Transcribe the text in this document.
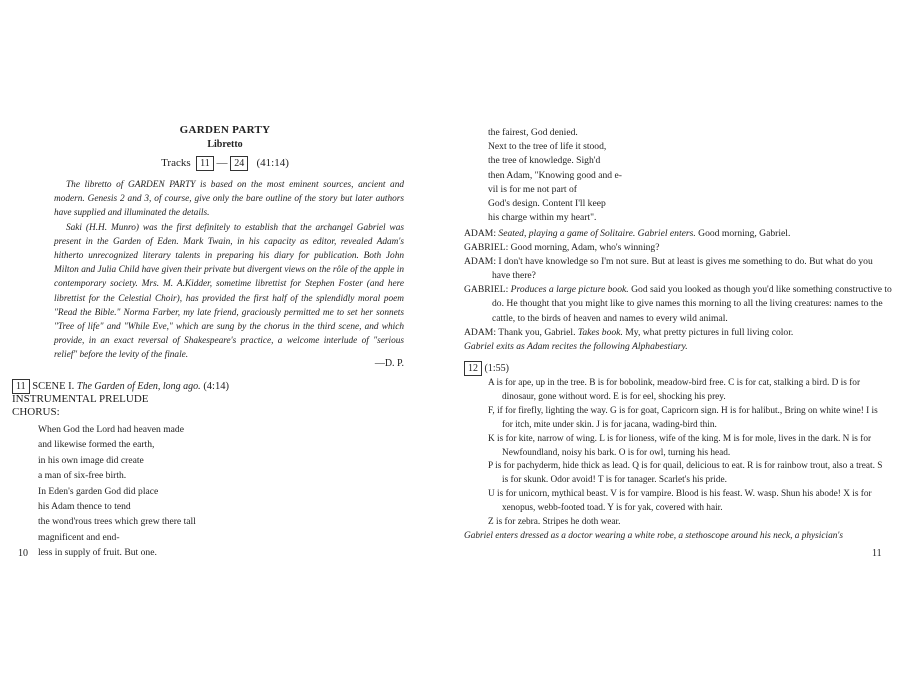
GARDEN PARTY
Libretto
Tracks 11 — 24 (41:14)

The libretto of GARDEN PARTY is based on the most eminent sources, ancient and modern. Genesis 2 and 3, of course, give only the bare outline of the story but later authors have supplied and illuminated the details.

Saki (H.H. Munro) was the first definitely to establish that the archangel Gabriel was present in the Garden of Eden. Mark Twain, in his capacity as editor, revealed Adam's hitherto unrecognized literary talents in preparing his diary for publication. Both John Milton and Julia Child have given their private but divergent views on the rôle of the apple in contemporary society. Mrs. M. A.Kidder, sometime librettist for Stephen Foster (and here librettist for the Celestial Choir), has provided the first half of the splendidly moral poem "Read the Bible." Norma Farber, my late friend, graciously permitted me to set her sonnets "Tree of life" and "While Eve," which are sung by the chorus in the third scene, and which provide, in an exact reversal of Shakespeare's practice, a welcome interlude of "serious relief" before the levity of the finale.

—D. P.
11 SCENE I. The Garden of Eden, long ago. (4:14)
INSTRUMENTAL PRELUDE
CHORUS:
When God the Lord had heaven made
and likewise formed the earth,
in his own image did create
a man of six-free birth.
In Eden's garden God did place
his Adam thence to tend
the wond'rous trees which grew there tall
magnificent and end-
less in supply of fruit. But one.
10
the fairest, God denied.
Next to the tree of life it stood,
the tree of knowledge. Sigh'd
then Adam, "Knowing good and e-
vil is for me not part of
God's design. Content I'll keep
his charge within my heart".

ADAM: Seated, playing a game of Solitaire. Gabriel enters. Good morning, Gabriel.

GABRIEL: Good morning, Adam, who's winning?

ADAM: I don't have knowledge so I'm not sure. But at least is gives me something to do. But what do you have there?

GABRIEL: Produces a large picture book. God said you looked as though you'd like something constructive to do. He thought that you might like to give names this morning to all the living creatures: names to the cattle, to the birds of heaven and names to every wild animal.

ADAM: Thank you, Gabriel. Takes book. My, what pretty pictures in full living color.

Gabriel exits as Adam recites the following Alphabestiary.

12 (1:55)

A is for ape, up in the tree. B is for bobolink, meadow-bird free. C is for cat, stalking a bird. D is for dinosaur, gone without word. E is for eel, shocking his prey.

F, if for firefly, lighting the way. G is for goat, Capricorn sign. H is for halibut., Bring on white wine! I is for itch, mite under skin. J is for jacana, wading-bird thin.

K is for kite, narrow of wing. L is for lioness, wife of the king. M is for mole, lives in the dark. N is for Newfoundland, noisy his bark. O is for owl, turning his head.

P is for pachyderm, hide thick as lead. Q is for quail, delicious to eat. R is for rainbow trout, also a treat. S is for skunk. Odor avoid! T is for tanager. Scarlet's his pride.

U is for unicorn, mythical beast. V is for vampire. Blood is his feast. W. wasp. Shun his abode! X is for xenopus, webb-footed toad. Y is for yak, covered with hair.

Z is for zebra. Stripes he doth wear.

Gabriel enters dressed as a doctor wearing a white robe, a stethoscope around his neck, a physician's

11
